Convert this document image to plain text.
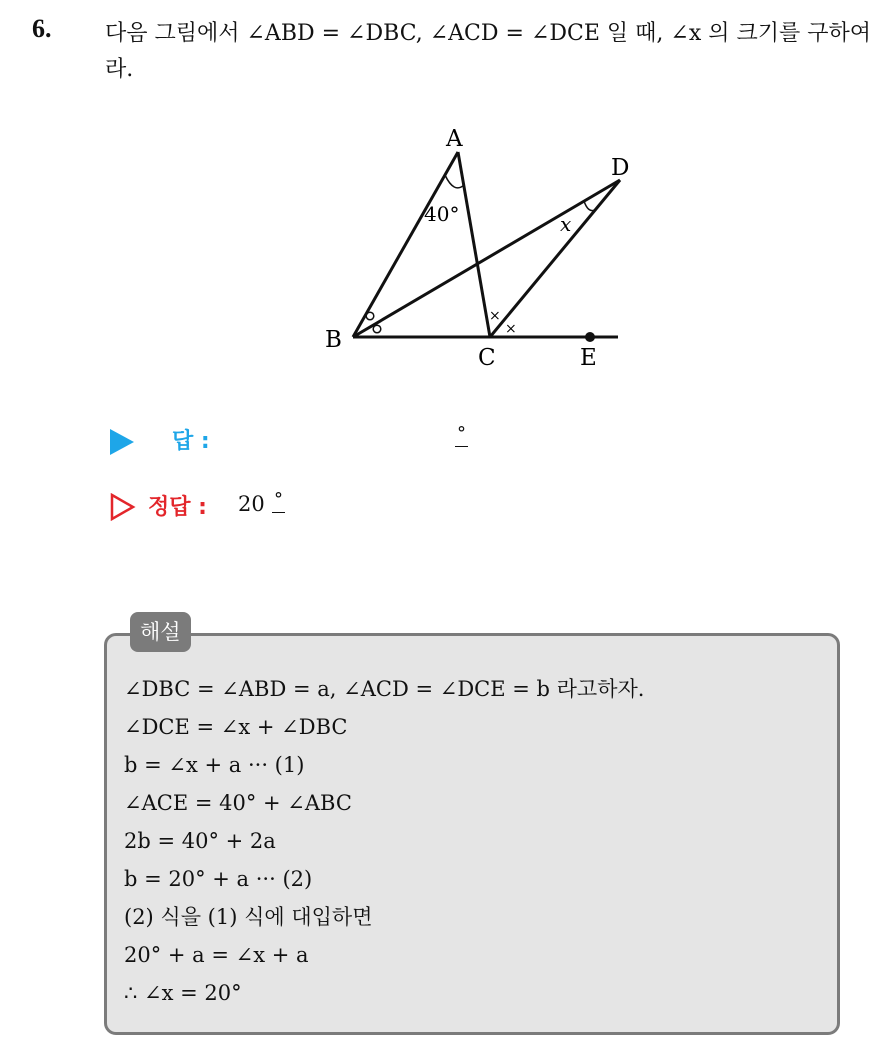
6. 다음 그림에서 ∠ABD = ∠DBC, ∠ACD = ∠DCE 일 때, ∠x 의 크기를 구하여라.
×
×
A
B
C
D
E
40°	x
답 :	°
정답 : 20 °
해설
∠DBC = ∠ABD = a, ∠ACD = ∠DCE = b 라고하자.
∠DCE = ∠x + ∠DBC
b = ∠x + a ··· (1)
∠ACE = 40° + ∠ABC
2b = 40° + 2a
b = 20° + a ··· (2)
(2) 식을 (1) 식에 대입하면
20° + a = ∠x + a
∴ ∠x = 20°
